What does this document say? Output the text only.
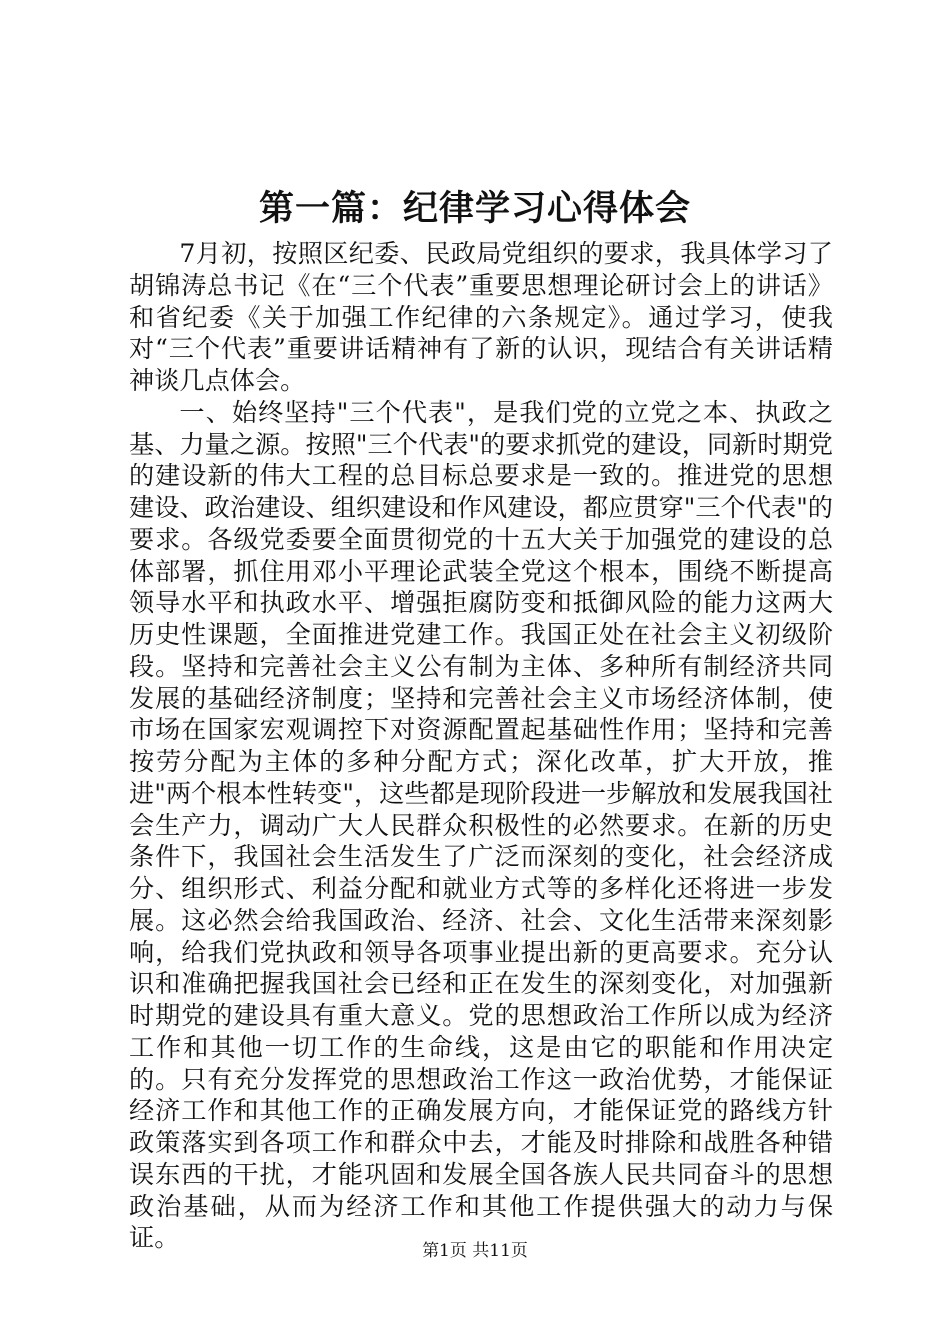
第一篇：纪律学习心得体会

7月初，按照区纪委、民政局党组织的要求，我具体学习了胡锦涛总书记《在“三个代表”重要思想理论研讨会上的讲话》和省纪委《关于加强工作纪律的六条规定》。通过学习，使我对“三个代表”重要讲话精神有了新的认识，现结合有关讲话精神谈几点体会。

一、始终坚持"三个代表"，是我们党的立党之本、执政之基、力量之源。按照"三个代表"的要求抓党的建设，同新时期党的建设新的伟大工程的总目标总要求是一致的。推进党的思想建设、政治建设、组织建设和作风建设，都应贯穿"三个代表"的要求。各级党委要全面贯彻党的十五大关于加强党的建设的总体部署，抓住用邓小平理论武装全党这个根本，围绕不断提高领导水平和执政水平、增强拒腐防变和抵御风险的能力这两大历史性课题，全面推进党建工作。我国正处在社会主义初级阶段。坚持和完善社会主义公有制为主体、多种所有制经济共同发展的基础经济制度；坚持和完善社会主义市场经济体制，使市场在国家宏观调控下对资源配置起基础性作用；坚持和完善按劳分配为主体的多种分配方式；深化改革，扩大开放，推进"两个根本性转变"，这些都是现阶段进一步解放和发展我国社会生产力，调动广大人民群众积极性的必然要求。在新的历史条件下，我国社会生活发生了广泛而深刻的变化，社会经济成分、组织形式、利益分配和就业方式等的多样化还将进一步发展。这必然会给我国政治、经济、社会、文化生活带来深刻影响，给我们党执政和领导各项事业提出新的更高要求。充分认识和准确把握我国社会已经和正在发生的深刻变化，对加强新时期党的建设具有重大意义。党的思想政治工作所以成为经济工作和其他一切工作的生命线，这是由它的职能和作用决定的。只有充分发挥党的思想政治工作这一政治优势，才能保证经济工作和其他工作的正确发展方向，才能保证党的路线方针政策落实到各项工作和群众中去，才能及时排除和战胜各种错误东西的干扰，才能巩固和发展全国各族人民共同奋斗的思想政治基础，从而为经济工作和其他工作提供强大的动力与保证。	第1页 共11页
